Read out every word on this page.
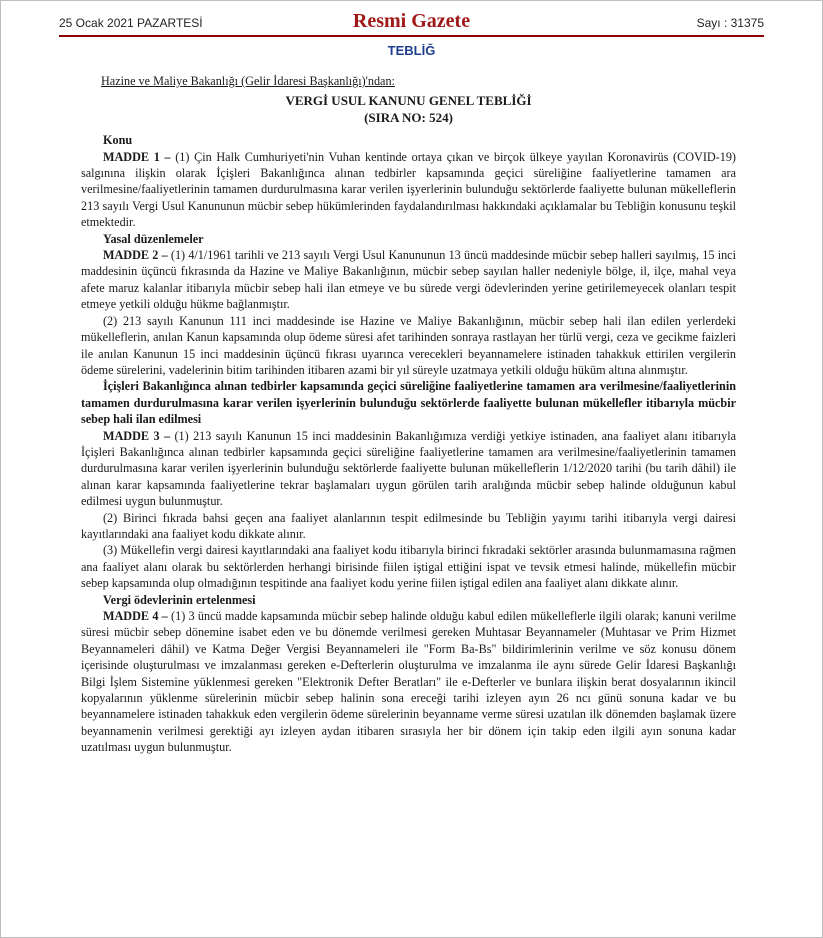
25 Ocak 2021 PAZARTESİ	Resmi Gazete	Sayı : 31375
TEBLİĞ

Hazine ve Maliye Bakanlığı (Gelir İdaresi Başkanlığı)'ndan:

VERGİ USUL KANUNU GENEL TEBLİĞİ
(SIRA NO: 524)

Konu

MADDE 1 – (1) Çin Halk Cumhuriyeti'nin Vuhan kentinde ortaya çıkan ve birçok ülkeye yayılan Koronavirüs (COVID-19) salgınına ilişkin olarak İçişleri Bakanlığınca alınan tedbirler kapsamında geçici süreliğine faaliyetlerine tamamen ara verilmesine/faaliyetlerinin tamamen durdurulmasına karar verilen işyerlerinin bulunduğu sektörlerde faaliyette bulunan mükelleflerin 213 sayılı Vergi Usul Kanununun mücbir sebep hükümlerinden faydalandırılması hakkındaki açıklamalar bu Tebliğin konusunu teşkil etmektedir.

Yasal düzenlemeler

MADDE 2 – (1) 4/1/1961 tarihli ve 213 sayılı Vergi Usul Kanununun 13 üncü maddesinde mücbir sebep halleri sayılmış, 15 inci maddesinin üçüncü fıkrasında da Hazine ve Maliye Bakanlığının, mücbir sebep sayılan haller nedeniyle bölge, il, ilçe, mahal veya afete maruz kalanlar itibarıyla mücbir sebep hali ilan etmeye ve bu sürede vergi ödevlerinden yerine getirilemeyecek olanları tespit etmeye yetkili olduğu hükme bağlanmıştır.

(2) 213 sayılı Kanunun 111 inci maddesinde ise Hazine ve Maliye Bakanlığının, mücbir sebep hali ilan edilen yerlerdeki mükelleflerin, anılan Kanun kapsamında olup ödeme süresi afet tarihinden sonraya rastlayan her türlü vergi, ceza ve gecikme faizleri ile anılan Kanunun 15 inci maddesinin üçüncü fıkrası uyarınca verecekleri beyannamelere istinaden tahakkuk ettirilen vergilerin ödeme sürelerini, vadelerinin bitim tarihinden itibaren azami bir yıl süreyle uzatmaya yetkili olduğu hüküm altına alınmıştır.

İçişleri Bakanlığınca alınan tedbirler kapsamında geçici süreliğine faaliyetlerine tamamen ara verilmesine/faaliyetlerinin tamamen durdurulmasına karar verilen işyerlerinin bulunduğu sektörlerde faaliyette bulunan mükellefler itibarıyla mücbir sebep hali ilan edilmesi

MADDE 3 – (1) 213 sayılı Kanunun 15 inci maddesinin Bakanlığımıza verdiği yetkiye istinaden, ana faaliyet alanı itibarıyla İçişleri Bakanlığınca alınan tedbirler kapsamında geçici süreliğine faaliyetlerine tamamen ara verilmesine/faaliyetlerinin tamamen durdurulmasına karar verilen işyerlerinin bulunduğu sektörlerde faaliyette bulunan mükelleflerin 1/12/2020 tarihi (bu tarih dâhil) ile alınan karar kapsamında faaliyetlerine tekrar başlamaları uygun görülen tarih aralığında mücbir sebep halinde olduğunun kabul edilmesi uygun bulunmuştur.

(2) Birinci fıkrada bahsi geçen ana faaliyet alanlarının tespit edilmesinde bu Tebliğin yayımı tarihi itibarıyla vergi dairesi kayıtlarındaki ana faaliyet kodu dikkate alınır.

(3) Mükellefin vergi dairesi kayıtlarındaki ana faaliyet kodu itibarıyla birinci fıkradaki sektörler arasında bulunmamasına rağmen ana faaliyet alanı olarak bu sektörlerden herhangi birisinde fiilen iştigal ettiğini ispat ve tevsik etmesi halinde, mükellefin mücbir sebep kapsamında olup olmadığının tespitinde ana faaliyet kodu yerine fiilen iştigal edilen ana faaliyet alanı dikkate alınır.

Vergi ödevlerinin ertelenmesi

MADDE 4 – (1) 3 üncü madde kapsamında mücbir sebep halinde olduğu kabul edilen mükelleflerle ilgili olarak; kanuni verilme süresi mücbir sebep dönemine isabet eden ve bu dönemde verilmesi gereken Muhtasar Beyannameler (Muhtasar ve Prim Hizmet Beyannameleri dâhil) ve Katma Değer Vergisi Beyannameleri ile "Form Ba-Bs" bildirimlerinin verilme ve söz konusu dönem içerisinde oluşturulması ve imzalanması gereken e-Defterlerin oluşturulma ve imzalanma ile aynı sürede Gelir İdaresi Başkanlığı Bilgi İşlem Sistemine yüklenmesi gereken "Elektronik Defter Beratları" ile e-Defterler ve bunlara ilişkin berat dosyalarının ikincil kopyalarının yüklenme sürelerinin mücbir sebep halinin sona ereceği tarihi izleyen ayın 26 ncı günü sonuna kadar ve bu beyannamelere istinaden tahakkuk eden vergilerin ödeme sürelerinin beyanname verme süresi uzatılan ilk dönemden başlamak üzere beyannamenin verilmesi gerektiği ayı izleyen aydan itibaren sırasıyla her bir dönem için takip eden ilgili ayın sonuna kadar uzatılması uygun bulunmuştur.
